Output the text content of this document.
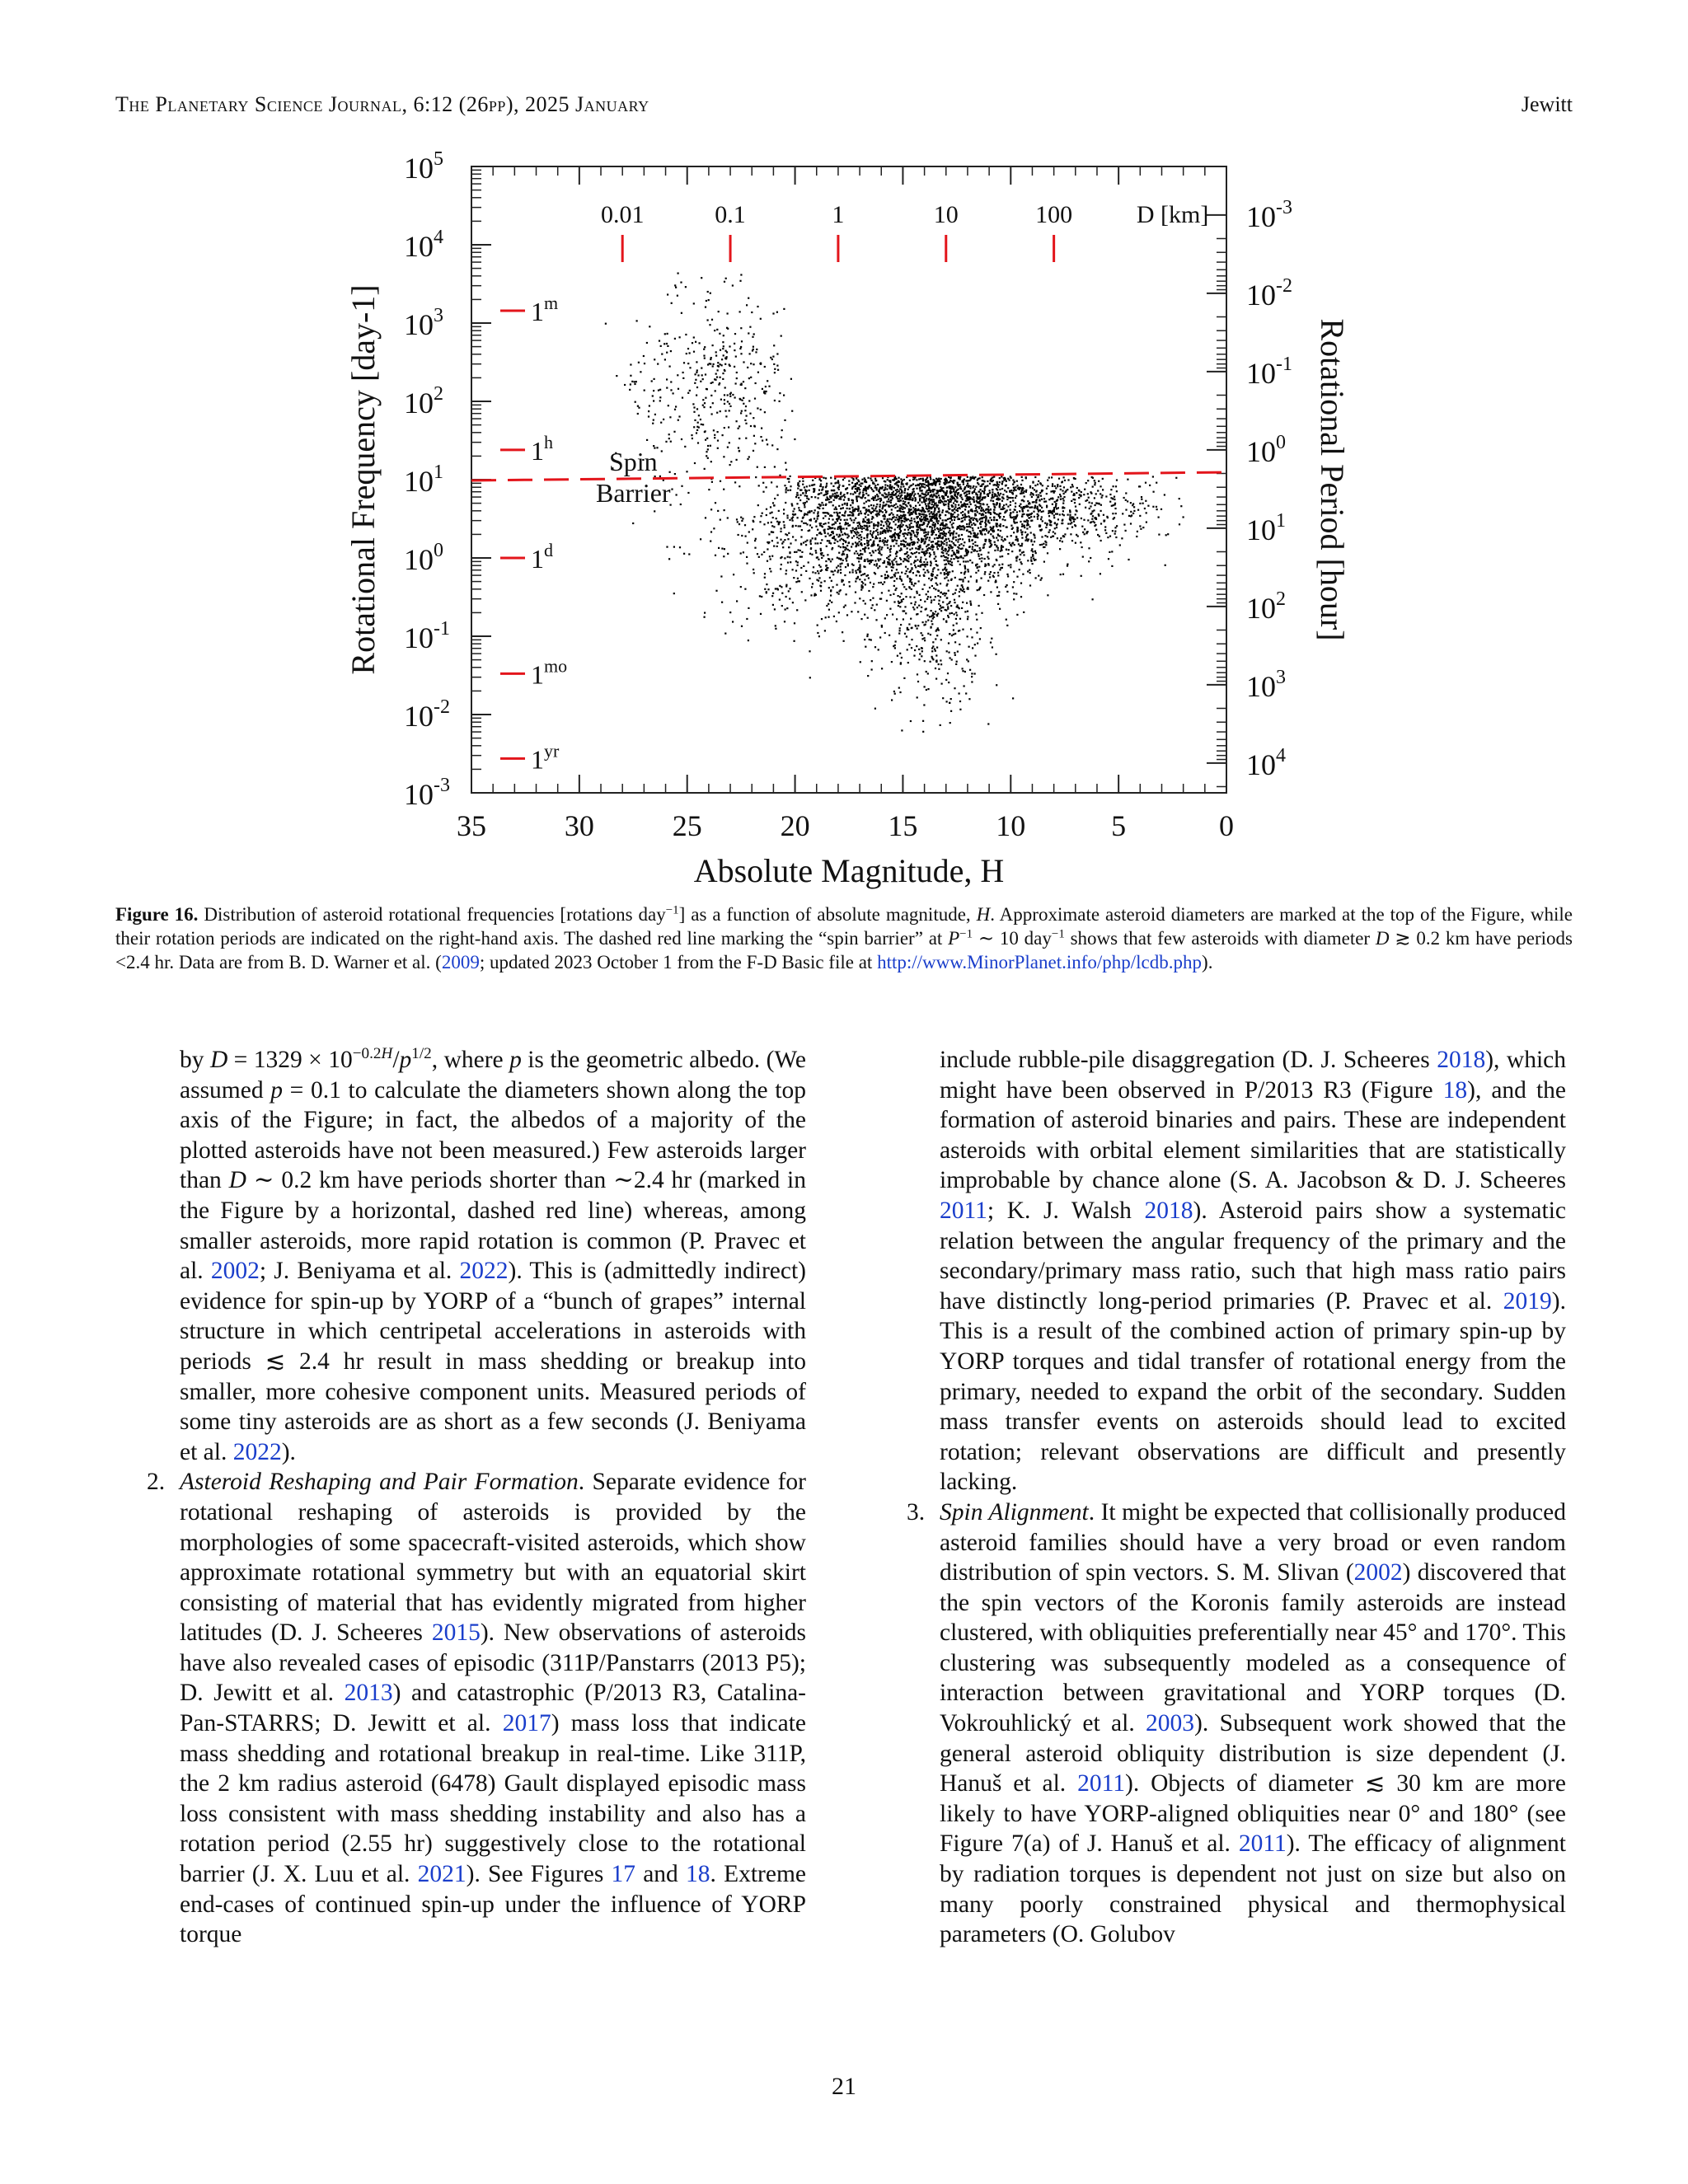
The Planetary Science Journal, 6:12 (26pp), 2025 January	Jewitt
35	30	25	20	15	10	5	0
$10^5$
$10^4$
$10^3$
$10^2$
$10^1$
$10^0$
$10^{-1}$
$10^{-2}$
$10^{-3}$
$10^{-3}$
$10^{-2}$
$10^{-1}$
$10^0$
$10^1$
$10^2$
$10^3$
$10^4$
Absolute Magnitude, H
Rotational Frequency [day-1]	Rotational Period [hour]
0.01	0.1	1	10	100	D [km]
1$^m$
1$^h$
1$^d$
$1^{mo}$
$1^{yr}$
Spin
Barrier
Figure 16. Distribution of asteroid rotational frequencies [rotations day$^{-1}$] as a function of absolute magnitude, H. Approximate asteroid diameters are marked at the top of the Figure, while their rotation periods are indicated on the right-hand axis. The dashed red line marking the “spin barrier” at $P^{-1}$ ∼ 10 day$^{-1}$ shows that few asteroids with diameter D ≳ 0.2 km have periods <2.4 hr. Data are from B. D. Warner et al. (2009; updated 2023 October 1 from the F-D Basic file at http://www.MinorPlanet.info/php/lcdb.php).

by $D = 1329 \times 10^{-0.2H}/p^{1/2}$, where p is the geometric albedo. (We assumed p = 0.1 to calculate the diameters shown along the top axis of the Figure; in fact, the albedos of a majority of the plotted asteroids have not been measured.) Few asteroids larger than D ∼ 0.2 km have periods shorter than ∼2.4 hr (marked in the Figure by a horizontal, dashed red line) whereas, among smaller asteroids, more rapid rotation is common (P. Pravec et al. 2002; J. Beniyama et al. 2022). This is (admittedly indirect) evidence for spin-up by YORP of a “bunch of grapes” internal structure in which centripetal accelerations in asteroids with periods ≲ 2.4 hr result in mass shedding or breakup into smaller, more cohesive component units. Measured periods of some tiny asteroids are as short as a few seconds (J. Beniyama et al. 2022).

2. Asteroid Reshaping and Pair Formation. Separate evidence for rotational reshaping of asteroids is provided by the morphologies of some spacecraft-visited asteroids, which show approximate rotational symmetry but with an equatorial skirt consisting of material that has evidently migrated from higher latitudes (D. J. Scheeres 2015). New observations of asteroids have also revealed cases of episodic (311P/Panstarrs (2013 P5); D. Jewitt et al. 2013) and catastrophic (P/2013 R3, Catalina-Pan-STARRS; D. Jewitt et al. 2017) mass loss that indicate mass shedding and rotational breakup in real-time. Like 311P, the 2 km radius asteroid (6478) Gault displayed episodic mass loss consistent with mass shedding instability and also has a rotation period (2.55 hr) suggestively close to the rotational barrier (J. X. Luu et al. 2021). See Figures 17 and 18. Extreme end-cases of continued spin-up under the influence of YORP torque

include rubble-pile disaggregation (D. J. Scheeres 2018), which might have been observed in P/2013 R3 (Figure 18), and the formation of asteroid binaries and pairs. These are independent asteroids with orbital element similarities that are statistically improbable by chance alone (S. A. Jacobson & D. J. Scheeres 2011; K. J. Walsh 2018). Asteroid pairs show a systematic relation between the angular frequency of the primary and the secondary/primary mass ratio, such that high mass ratio pairs have distinctly long-period primaries (P. Pravec et al. 2019). This is a result of the combined action of primary spin-up by YORP torques and tidal transfer of rotational energy from the primary, needed to expand the orbit of the secondary. Sudden mass transfer events on asteroids should lead to excited rotation; relevant observations are difficult and presently lacking.

3. Spin Alignment. It might be expected that collisionally produced asteroid families should have a very broad or even random distribution of spin vectors. S. M. Slivan (2002) discovered that the spin vectors of the Koronis family asteroids are instead clustered, with obliquities preferentially near 45° and 170°. This clustering was subsequently modeled as a consequence of interaction between gravitational and YORP torques (D. Vokrouhlický et al. 2003). Subsequent work showed that the general asteroid obliquity distribution is size dependent (J. Hanuš et al. 2011). Objects of diameter ≲ 30 km are more likely to have YORP-aligned obliquities near 0° and 180° (see Figure 7(a) of J. Hanuš et al. 2011). The efficacy of alignment by radiation torques is dependent not just on size but also on many poorly constrained physical and thermophysical parameters (O. Golubov
21
